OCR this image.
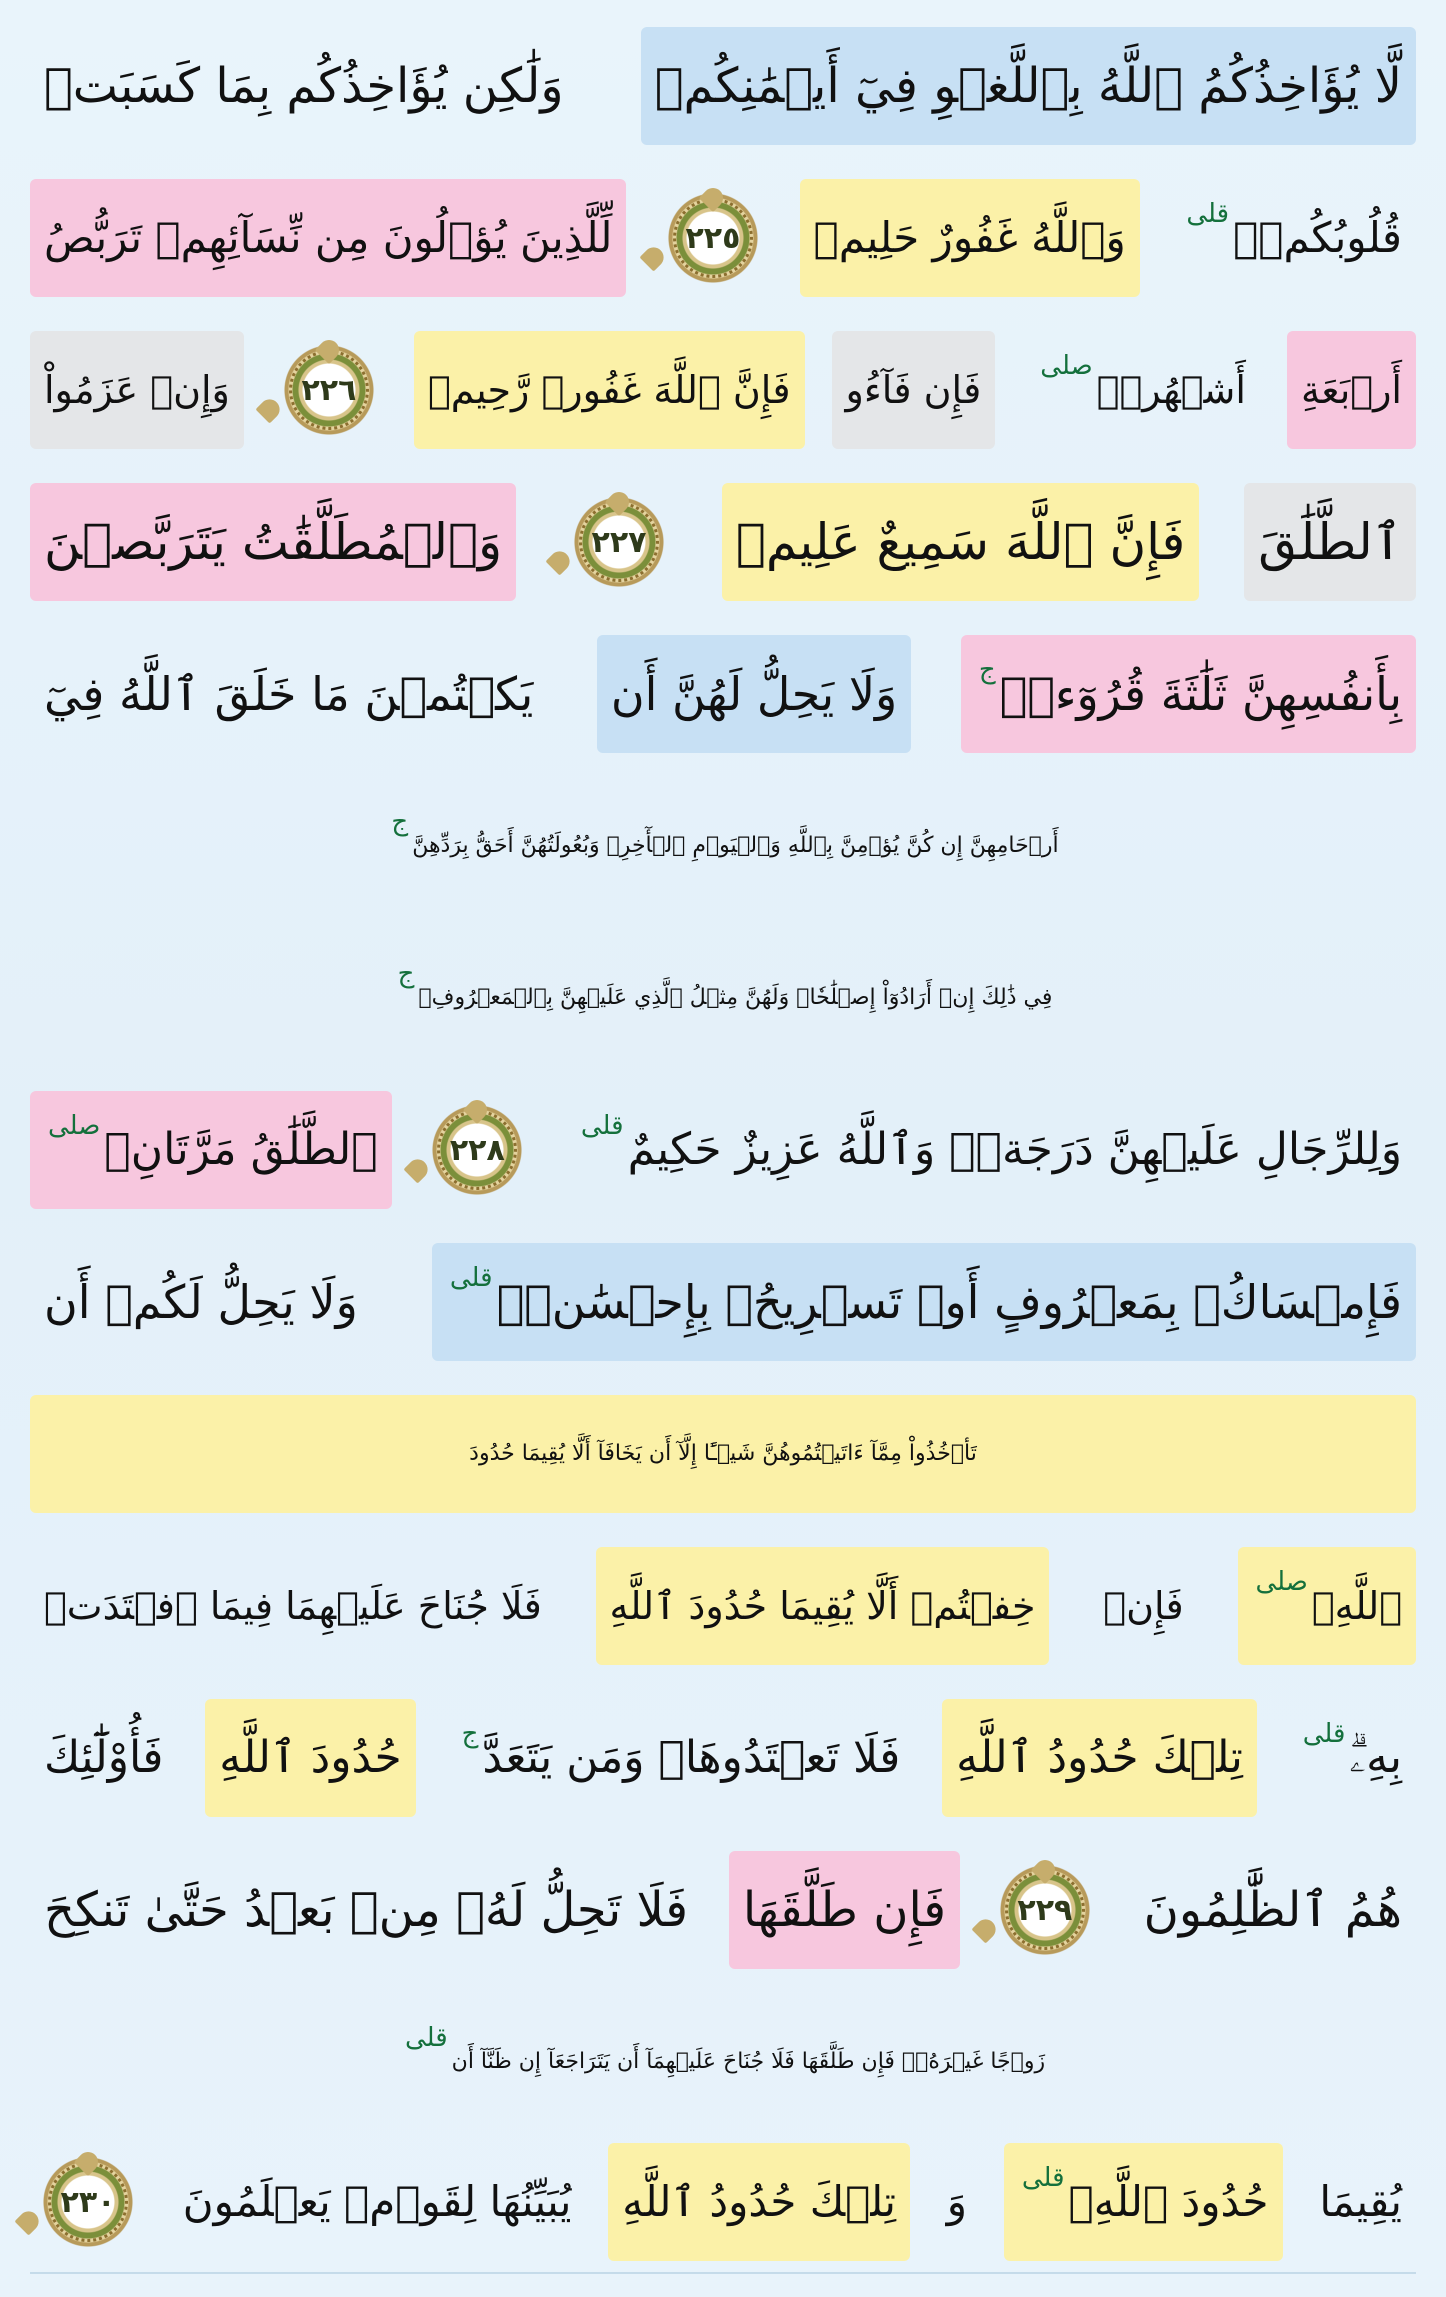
لَّا يُؤَاخِذُكُمُ ٱللَّهُ بِٱللَّغۡوِ فِيٓ أَيۡمَٰنِكُمۡ
وَلَٰكِن يُؤَاخِذُكُم بِمَا كَسَبَتۡ
قُلُوبُكُمۡۗ
قلى
وَٱللَّهُ غَفُورٌ حَلِيمٞ
٢٢٥
لِّلَّذِينَ يُؤۡلُونَ مِن نِّسَآئِهِمۡ تَرَبُّصُ
أَرۡبَعَةِ
أَشۡهُرٖۖ
صلى
فَإِن فَآءُو
فَإِنَّ ٱللَّهَ غَفُورٞ رَّحِيمٞ
٢٢٦
وَإِنۡ عَزَمُواْ
ٱلطَّلَٰقَ
فَإِنَّ ٱللَّهَ سَمِيعٌ عَلِيمٞ
٢٢٧
وَٱلۡمُطَلَّقَٰتُ يَتَرَبَّصۡنَ
بِأَنفُسِهِنَّ ثَلَٰثَةَ قُرُوٓءٖۚ
ج
وَلَا يَحِلُّ لَهُنَّ أَن
يَكۡتُمۡنَ مَا خَلَقَ ٱللَّهُ فِيٓ
أَرۡحَامِهِنَّ إِن كُنَّ يُؤۡمِنَّ بِٱللَّهِ وَٱلۡيَوۡمِ ٱلۡأٓخِرِۚ وَبُعُولَتُهُنَّ أَحَقُّ بِرَدِّهِنَّ
ج
فِي ذَٰلِكَ إِنۡ أَرَادُوٓاْ إِصۡلَٰحٗاۚ وَلَهُنَّ مِثۡلُ ٱلَّذِي عَلَيۡهِنَّ بِٱلۡمَعۡرُوفِۚ
ج
وَلِلرِّجَالِ عَلَيۡهِنَّ دَرَجَةٞۗ وَٱللَّهُ عَزِيزٌ حَكِيمٌ
قلى
٢٢٨
ٱلطَّلَٰقُ مَرَّتَانِۖ
صلى
فَإِمۡسَاكُۢ بِمَعۡرُوفٍ أَوۡ تَسۡرِيحُۢ بِإِحۡسَٰنٖۗ
قلى
وَلَا يَحِلُّ لَكُمۡ أَن
تَأۡخُذُواْ مِمَّآ ءَاتَيۡتُمُوهُنَّ شَيۡـًٔا إِلَّآ أَن يَخَافَآ أَلَّا يُقِيمَا حُدُودَ
ٱللَّهِۖ
صلى
فَإِنۡ
خِفۡتُمۡ أَلَّا يُقِيمَا حُدُودَ ٱللَّهِ
فَلَا جُنَاحَ عَلَيۡهِمَا فِيمَا ٱفۡتَدَتۡ
بِهِۦۗ
قلى
تِلۡكَ حُدُودُ ٱللَّهِ
فَلَا تَعۡتَدُوهَاۚ وَمَن يَتَعَدَّ
ج
حُدُودَ ٱللَّهِ
فَأُوْلَٰٓئِكَ
هُمُ ٱلظَّٰلِمُونَ
٢٢٩
فَإِن طَلَّقَهَا
فَلَا تَحِلُّ لَهُۥ مِنۢ بَعۡدُ حَتَّىٰ تَنكِحَ
زَوۡجًا غَيۡرَهُۥۗ فَإِن طَلَّقَهَا فَلَا جُنَاحَ عَلَيۡهِمَآ أَن يَتَرَاجَعَآ إِن ظَنَّآ أَن
قلى
يُقِيمَا
حُدُودَ ٱللَّهِۗ
قلى
وَ
تِلۡكَ حُدُودُ ٱللَّهِ
يُبَيِّنُهَا لِقَوۡمٖ يَعۡلَمُونَ
٢٣٠
